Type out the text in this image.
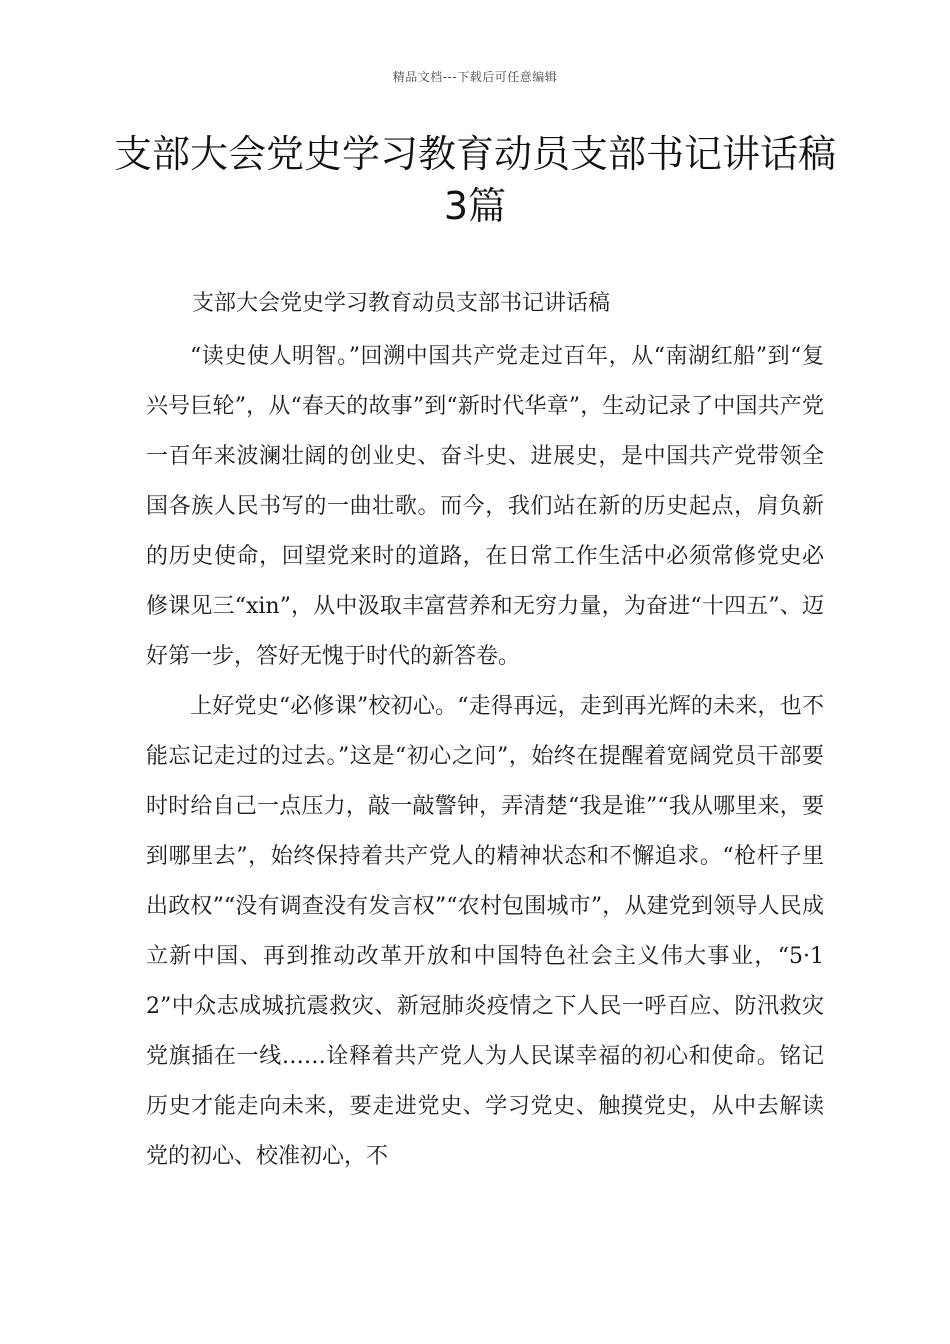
精品文档---下载后可任意编辑
支部大会党史学习教育动员支部书记讲话稿3篇

支部大会党史学习教育动员支部书记讲话稿

“读史使人明智。”回溯中国共产党走过百年，从“南湖红船”到“复兴号巨轮”，从“春天的故事”到“新时代华章”，生动记录了中国共产党一百年来波澜壮阔的创业史、奋斗史、进展史，是中国共产党带领全国各族人民书写的一曲壮歌。而今，我们站在新的历史起点，肩负新的历史使命，回望党来时的道路，在日常工作生活中必须常修党史必修课见三“xin”，从中汲取丰富营养和无穷力量，为奋进“十四五”、迈好第一步，答好无愧于时代的新答卷。

上好党史“必修课”校初心。“走得再远，走到再光辉的未来，也不能忘记走过的过去。”这是“初心之问”，始终在提醒着宽阔党员干部要时时给自己一点压力，敲一敲警钟，弄清楚“我是谁”“我从哪里来，要到哪里去”，始终保持着共产党人的精神状态和不懈追求。“枪杆子里出政权”“没有调查没有发言权”“农村包围城市”，从建党到领导人民成立新中国、再到推动改革开放和中国特色社会主义伟大事业，“5·12”中众志成城抗震救灾、新冠肺炎疫情之下人民一呼百应、防汛救灾党旗插在一线……诠释着共产党人为人民谋幸福的初心和使命。铭记历史才能走向未来，要走进党史、学习党史、触摸党史，从中去解读党的初心、校准初心，不
